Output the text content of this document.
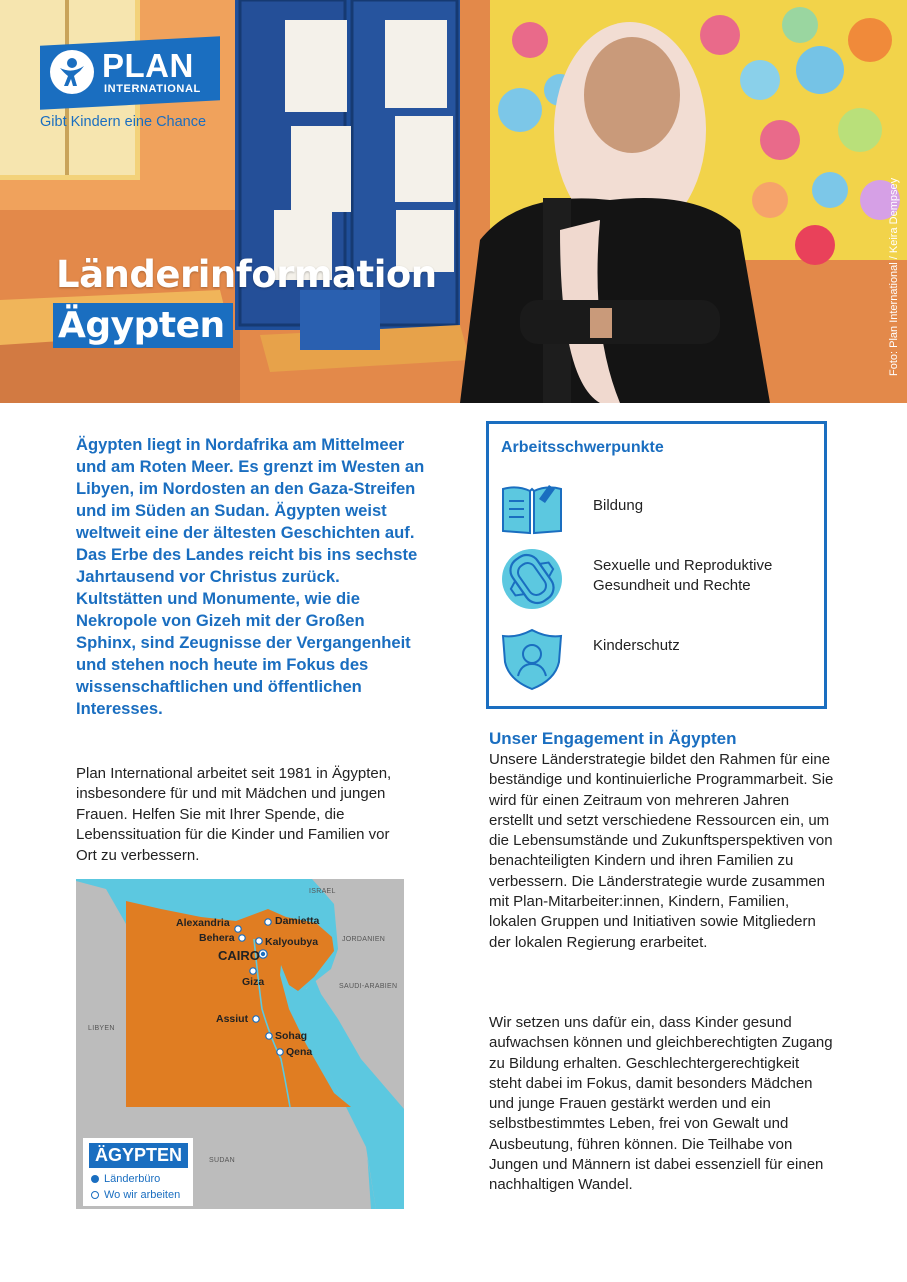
PLAN
INTERNATIONAL
Gibt Kindern eine Chance
Länderinformation
Ägypten	Foto: Plan International / Keira Dempsey

Ägypten liegt in Nordafrika am Mittelmeer und am Roten Meer. Es grenzt im Westen an Libyen, im Nordosten an den Gaza-Streifen und im Süden an Sudan. Ägypten weist weltweit eine der ältesten Geschichten auf. Das Erbe des Landes reicht bis ins sechste Jahrtausend vor Christus zurück. Kultstätten und Monumente, wie die Nekropole von Gizeh mit der Großen Sphinx, sind Zeugnisse der Vergangenheit und stehen noch heute im Fokus des wissenschaftlichen und öffentlichen Interesses.

Plan International arbeitet seit 1981 in Ägypten, insbesondere für und mit Mädchen und jungen Frauen. Helfen Sie mit Ihrer Spende, die Lebenssituation für die Kinder und Familien vor Ort zu verbessern.

ISRAEL
JORDANIEN
SAUDI-ARABIEN
LIBYEN
SUDAN
Alexandria
Behera
Damietta
Kalyoubya
CAIRO
Giza
Assiut
Sohag
Qena
ÄGYPTEN
Länderbüro
Wo wir arbeiten
Arbeitsschwerpunkte
Bildung
Sexuelle und Reproduktive Gesundheit und Rechte
Kinderschutz
Unser Engagement in Ägypten

Unsere Länderstrategie bildet den Rahmen für eine beständige und kontinuierliche Programmarbeit. Sie wird für einen Zeitraum von mehreren Jahren erstellt und setzt verschiedene Ressourcen ein, um die Lebensumstände und Zukunftsperspektiven von benachteiligten Kindern und ihren Familien zu verbessern. Die Länderstrategie wurde zusammen mit Plan-Mitarbeiter:innen, Kindern, Familien, lokalen Gruppen und Initiativen sowie Mitgliedern der lokalen Regierung erarbeitet.

Wir setzen uns dafür ein, dass Kinder gesund aufwachsen können und gleichberechtigten Zugang zu Bildung erhalten. Geschlechtergerechtigkeit steht dabei im Fokus, damit besonders Mädchen und junge Frauen gestärkt werden und ein selbstbestimmtes Leben, frei von Gewalt und Ausbeutung, führen können. Die Teilhabe von Jungen und Männern ist dabei essenziell für einen nachhaltigen Wandel.
